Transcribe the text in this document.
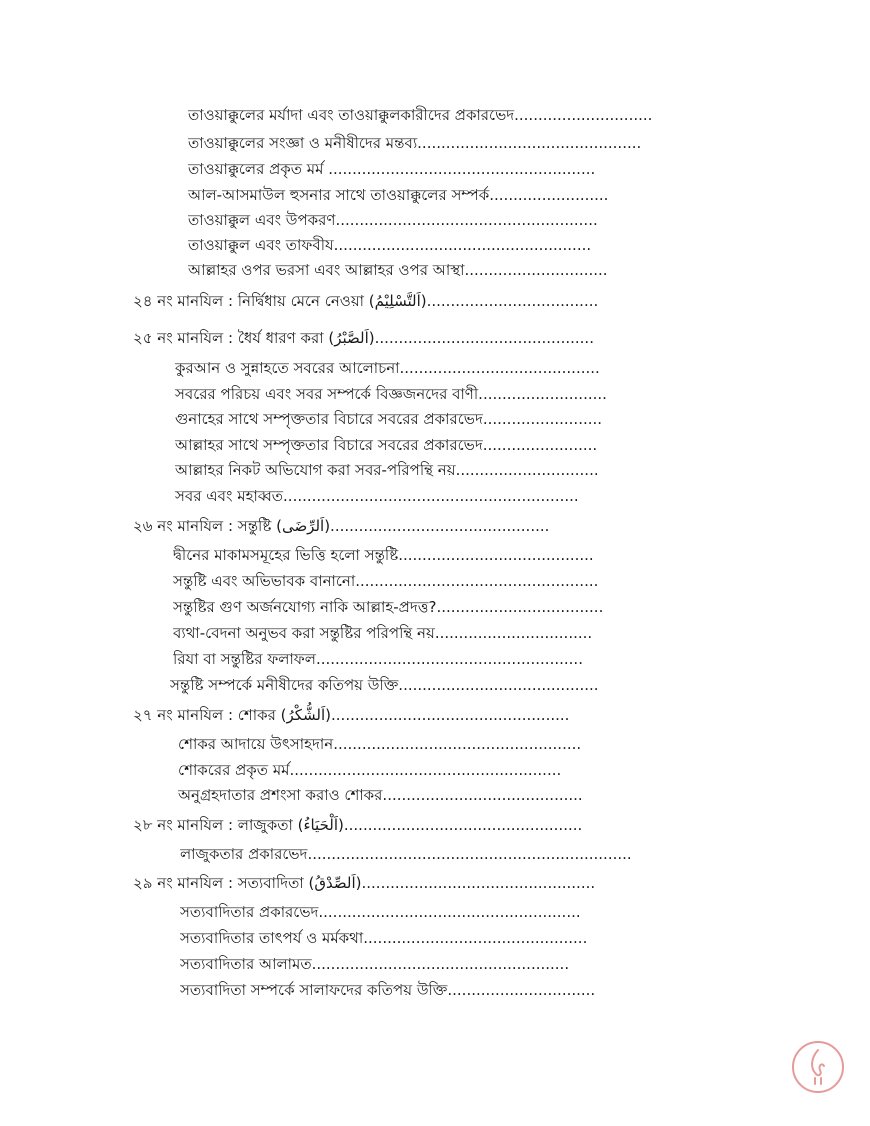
তাওয়াক্কুলের মর্যাদা এবং তাওয়াক্কুলকারীদের প্রকারভেদ.............................
তাওয়াক্কুলের সংজ্ঞা ও মনীষীদের মন্তব্য...............................................
তাওয়াক্কুলের প্রকৃত মর্ম ........................................................
আল-আসমাউল হুসনার সাথে তাওয়াক্কুলের সম্পর্ক.........................
তাওয়াক্কুল এবং উপকরণ.......................................................
তাওয়াক্কুল এবং তাফবীয......................................................
আল্লাহর ওপর ভরসা এবং আল্লাহর ওপর আস্থা..............................
২৪ নং মানযিল : নির্দ্বিধায় মেনে নেওয়া (اَلتَّسْلِيْمُ)....................................
২৫ নং মানযিল : ধৈর্য ধারণ করা (اَلصَّبْرُ)..............................................
কুরআন ও সুন্নাহতে সবরের আলোচনা..........................................
সবরের পরিচয় এবং সবর সম্পর্কে বিজ্ঞজনদের বাণী...........................
গুনাহের সাথে সম্পৃক্ততার বিচারে সবরের প্রকারভেদ.........................
আল্লাহর সাথে সম্পৃক্ততার বিচারে সবরের প্রকারভেদ........................
আল্লাহর নিকট অভিযোগ করা সবর-পরিপন্থি নয়..............................
সবর এবং মহাব্বত..............................................................
২৬ নং মানযিল : সন্তুষ্টি (اَلرِّضَى)..............................................
দ্বীনের মাকামসমূহের ভিত্তি হলো সন্তুষ্টি.........................................
সন্তুষ্টি এবং অভিভাবক বানানো...................................................
সন্তুষ্টির গুণ অর্জনযোগ্য নাকি আল্লাহ-প্রদত্ত?...................................
ব্যথা-বেদনা অনুভব করা সন্তুষ্টির পরিপন্থি নয়.................................
রিযা বা সন্তুষ্টির ফলাফল........................................................
সন্তুষ্টি সম্পর্কে মনীষীদের কতিপয় উক্তি..........................................
২৭ নং মানযিল : শোকর (اَلشُّكْرُ)..................................................
শোকর আদায়ে উৎসাহদান....................................................
শোকরের প্রকৃত মর্ম.........................................................
অনুগ্রহদাতার প্রশংসা করাও শোকর..........................................
২৮ নং মানযিল : লাজুকতা (اَلْحَيَاءُ)..................................................
লাজুকতার প্রকারভেদ....................................................................
২৯ নং মানযিল : সত্যবাদিতা (اَلصِّدْقُ).................................................
সত্যবাদিতার প্রকারভেদ.......................................................
সত্যবাদিতার তাৎপর্য ও মর্মকথা...............................................
সত্যবাদিতার আলামত......................................................
সত্যবাদিতা সম্পর্কে সালাফদের কতিপয় উক্তি...............................
